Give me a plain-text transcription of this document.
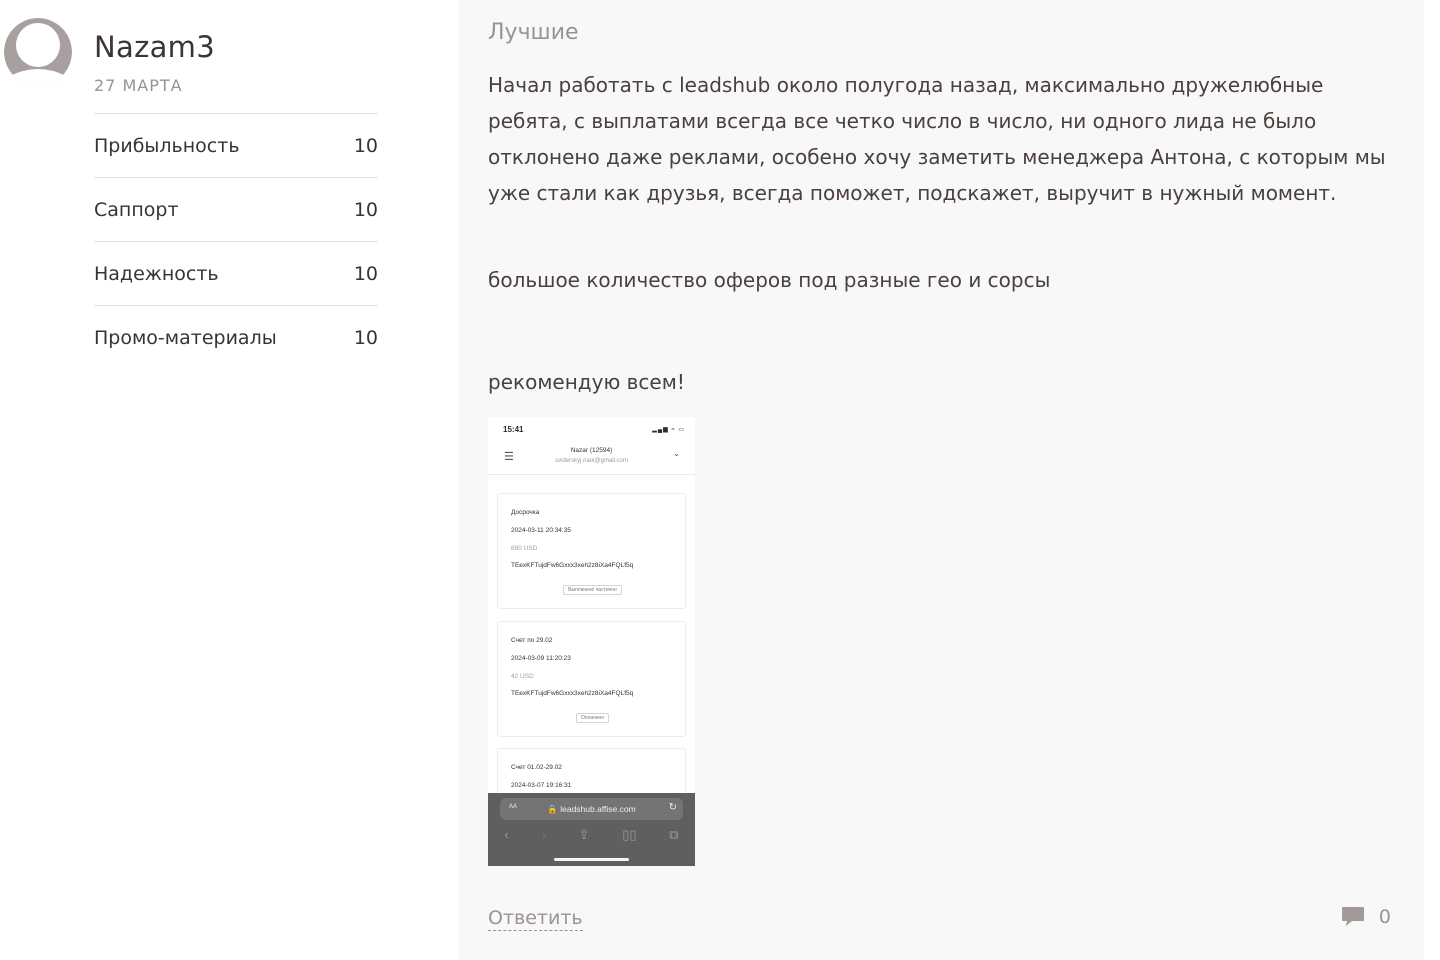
Nazam3
27 МАРТА
Прибыльность	10
Саппорт	10
Надежность	10
Промо-материалы	10
Лучшие

Начал работать с leadshub около полугода назад, максимально дружелюбные ребята, с выплатами всегда все четко число в число, ни одного лида не было отклонено даже реклами, особено хочу заметить менеджера Антона, с которым мы уже стали как друзья, всегда поможет, подскажет, выручит в нужный момент.

большое количество оферов под разные гео и сорсы

рекомендую всем!

15:41	▂▄▆ ≈ ▭
☰
Nazar (12594)
sviderskyj.naol@gmail.com
⌄
Досрочка
2024-03-11 20:34:35
680 USD
TEexKFTujdFw6Gxxx3xeh2z8iXa4FQLf5q
Выплачено частично
Счет по 29.02
2024-03-09 11:20:23
42 USD
TEexKFTujdFw6Gxxx3xeh2z8iXa4FQLf5q
Оплачено
Счет 01.02-29.02
2024-03-07 19:16:31
AA	🔒 leadshub.affise.com	↻
‹	›	⇪	▯▯	⧉
Ответить	0
